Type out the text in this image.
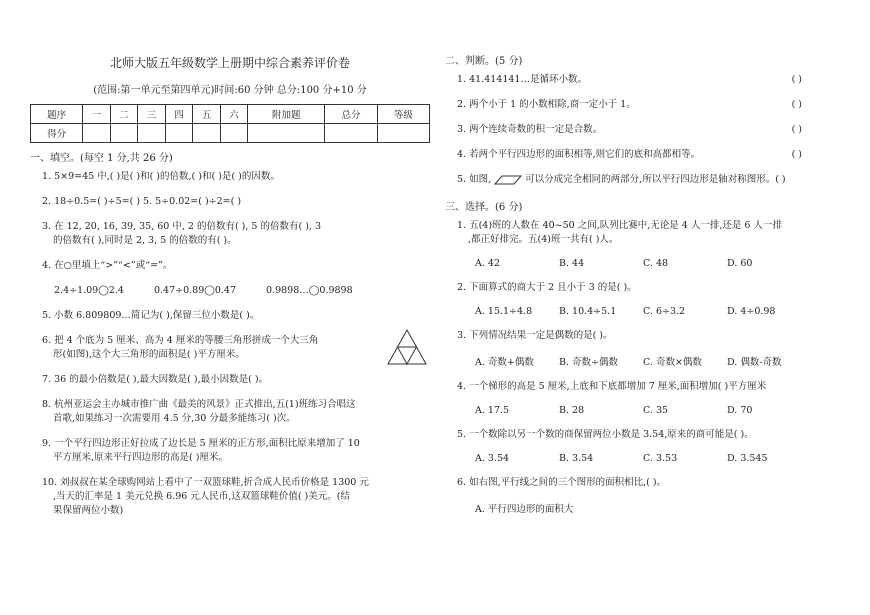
北师大版五年级数学上册期中综合素养评价卷
(范围:第一单元至第四单元)时间:60 分钟 总分:100 分+10 分
题序	一	二	三	四	五	六	附加题	总分	等级
得分									
一、填空。(每空 1 分,共 26 分)
1. 5×9=45 中,( )是( )和( )的倍数,( )和( )是( )的因数。
2. 18÷0.5=( )÷5=( ) 5. 5÷0.02=( )÷2=( )
3. 在 12, 20, 16, 39, 35, 60 中, 2 的倍数有( ), 5 的倍数有( ), 3
的倍数有( ),同时是 2, 3, 5 的倍数的有( )。
4. 在○里填上“>”“<”或“=”。
2.4÷1.09◯2.4	0.47÷0.89◯0.47	0.9898…◯0.9898
5. 小数 6.809809…简记为( ),保留三位小数是( )。
6. 把 4 个底为 5 厘米、高为 4 厘米的等腰三角形拼成一个大三角
形(如图),这个大三角形的面积是( )平方厘米。
7. 36 的最小倍数是( ),最大因数是( ),最小因数是( )。
8. 杭州亚运会主办城市推广曲《最美的风景》正式推出,五(1)班练习合唱这
首歌,如果练习一次需要用 4.5 分,30 分最多能练习( )次。
9. 一个平行四边形正好拉成了边长是 5 厘米的正方形,面积比原来增加了 10
平方厘米,原来平行四边形的高是( )厘米。
10. 刘叔叔在某全球购网站上看中了一双篮球鞋,折合成人民币价格是 1300 元
,当天的汇率是 1 美元兑换 6.96 元人民币,这双篮球鞋价值( )美元。(结
果保留两位小数)
二、判断。(5 分)
1. 41.414141…是循环小数。	( )
2. 两个小于 1 的小数相除,商一定小于 1。	( )
3. 两个连续奇数的积一定是合数。	( )
4. 若两个平行四边形的面积相等,则它们的底和高都相等。	( )
5. 如图,	可以分成完全相同的两部分,所以平行四边形是轴对称图形。( )
三、选择。(6 分)
1. 五(4)班的人数在 40~50 之间,队列比赛中,无论是 4 人一排,还是 6 人一排
,都正好排完。五(4)班一共有( )人。
A. 42	B. 44	C. 48	D. 60
2. 下面算式的商大于 2 且小于 3 的是( )。
A. 15.1÷4.8	B. 10.4÷5.1	C. 6÷3.2	D. 4÷0.98
3. 下列情况结果一定是偶数的是( )。
A. 奇数+偶数	B. 奇数÷偶数	C. 奇数×偶数	D. 偶数-奇数
4. 一个梯形的高是 5 厘米,上底和下底都增加 7 厘米,面积增加( )平方厘米
A. 17.5	B. 28	C. 35	D. 70
5. 一个数除以另一个数的商保留两位小数是 3.54,原来的商可能是( )。
A. 3.54	B. 3.54	C. 3.53	D. 3.545
6. 如右图,平行线之间的三个图形的面积相比,( )。
A. 平行四边形的面积大
